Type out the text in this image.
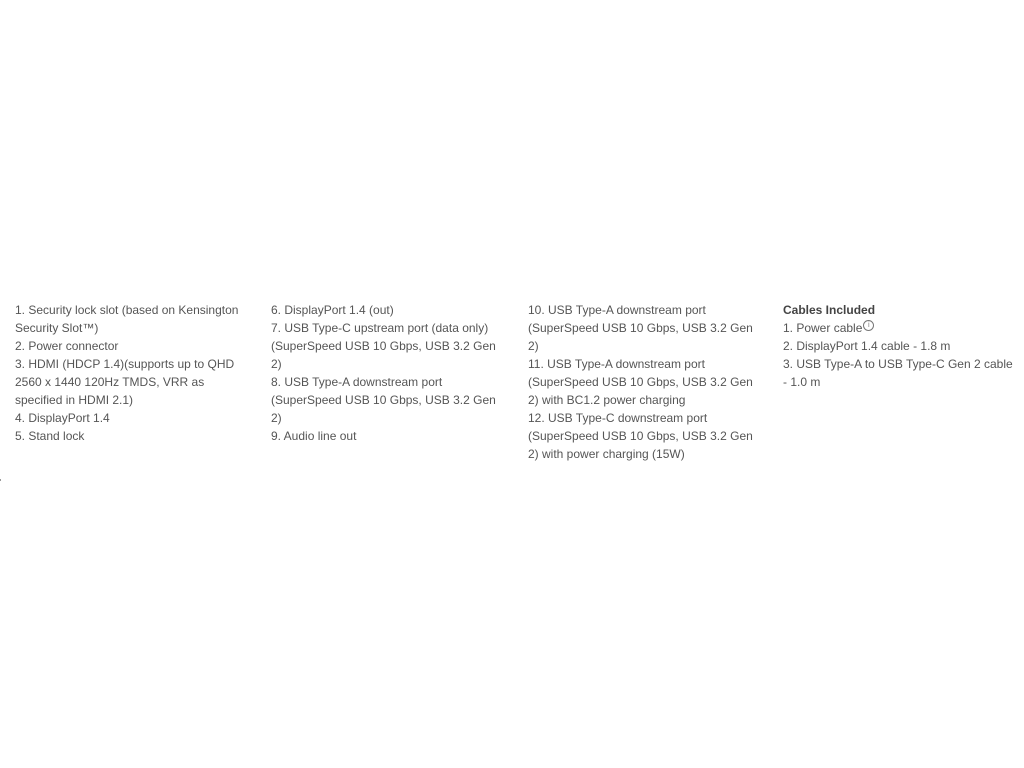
1. Security lock slot (based on Kensington Security Slot™)

2. Power connector

3. HDMI (HDCP 1.4)(supports up to QHD 2560 x 1440 120Hz TMDS, VRR as specified in HDMI 2.1)

4. DisplayPort 1.4

5. Stand lock

6. DisplayPort 1.4 (out)

7. USB Type-C upstream port (data only) (SuperSpeed USB 10 Gbps, USB 3.2 Gen 2)

8. USB Type-A downstream port (SuperSpeed USB 10 Gbps, USB 3.2 Gen 2)

9. Audio line out

10. USB Type-A downstream port (SuperSpeed USB 10 Gbps, USB 3.2 Gen 2)

11. USB Type-A downstream port (SuperSpeed USB 10 Gbps, USB 3.2 Gen 2) with BC1.2 power charging

12. USB Type-C downstream port (SuperSpeed USB 10 Gbps, USB 3.2 Gen 2) with power charging (15W)

Cables Included

1. Power cable i

2. DisplayPort 1.4 cable - 1.8 m

3. USB Type-A to USB Type-C Gen 2 cable - 1.0 m
